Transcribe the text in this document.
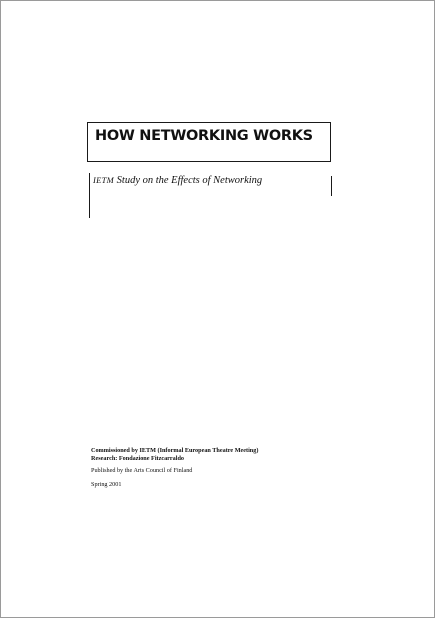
HOW NETWORKING WORKS
IETM Study on the Effects of Networking
Commissioned by IETM (Informal European Theatre Meeting)
Research: Fondazione Fitzcarraldo
Published by the Arts Council of Finland
Spring 2001
